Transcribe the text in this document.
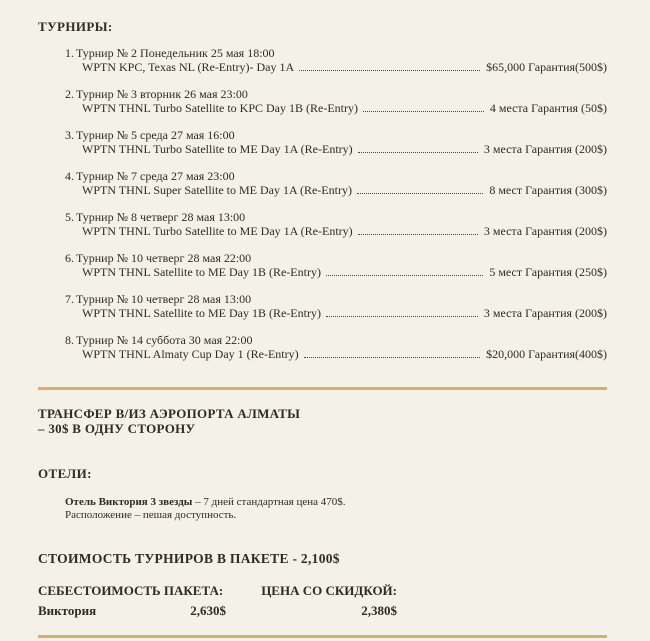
ТУРНИРЫ:
1. Турнир № 2 Понедельник 25 мая 18:00
WPTN KPC, Texas NL (Re-Entry)- Day 1A	$65,000 Гарантия(500$)
2. Турнир № 3 вторник 26 мая 23:00
WPTN THNL Turbo Satellite to KPC Day 1B (Re-Entry)	4 места Гарантия (50$)
3. Турнир № 5 среда 27 мая 16:00
WPTN THNL Turbo Satellite to ME Day 1A (Re-Entry)	3 места Гарантия (200$)
4. Турнир № 7 среда 27 мая 23:00
WPTN THNL Super Satellite to ME Day 1A (Re-Entry)	8 мест Гарантия (300$)
5. Турнир № 8 четверг 28 мая 13:00
WPTN THNL Turbo Satellite to ME Day 1A (Re-Entry)	3 места Гарантия (200$)
6. Турнир № 10 четверг 28 мая 22:00
WPTN THNL Satellite to ME Day 1B (Re-Entry)	5 мест Гарантия (250$)
7. Турнир № 10 четверг 28 мая 13:00
WPTN THNL Satellite to ME Day 1B (Re-Entry)	3 места Гарантия (200$)
8. Турнир № 14 суббота 30 мая 22:00
WPTN THNL Almaty Cup Day 1 (Re-Entry)	$20,000 Гарантия(400$)
ТРАНСФЕР В/ИЗ АЭРОПОРТА АЛМАТЫ
– 30$ В ОДНУ СТОРОНУ
ОТЕЛИ:
Отель Виктория 3 звезды – 7 дней стандартная цена 470$.
Расположение – пешая доступность.
СТОИМОСТЬ ТУРНИРОВ В ПАКЕТЕ - 2,100$
СЕБЕСТОИМОСТЬ ПАКЕТА:	ЦЕНА СО СКИДКОЙ:
Виктория	2,630$	2,380$
